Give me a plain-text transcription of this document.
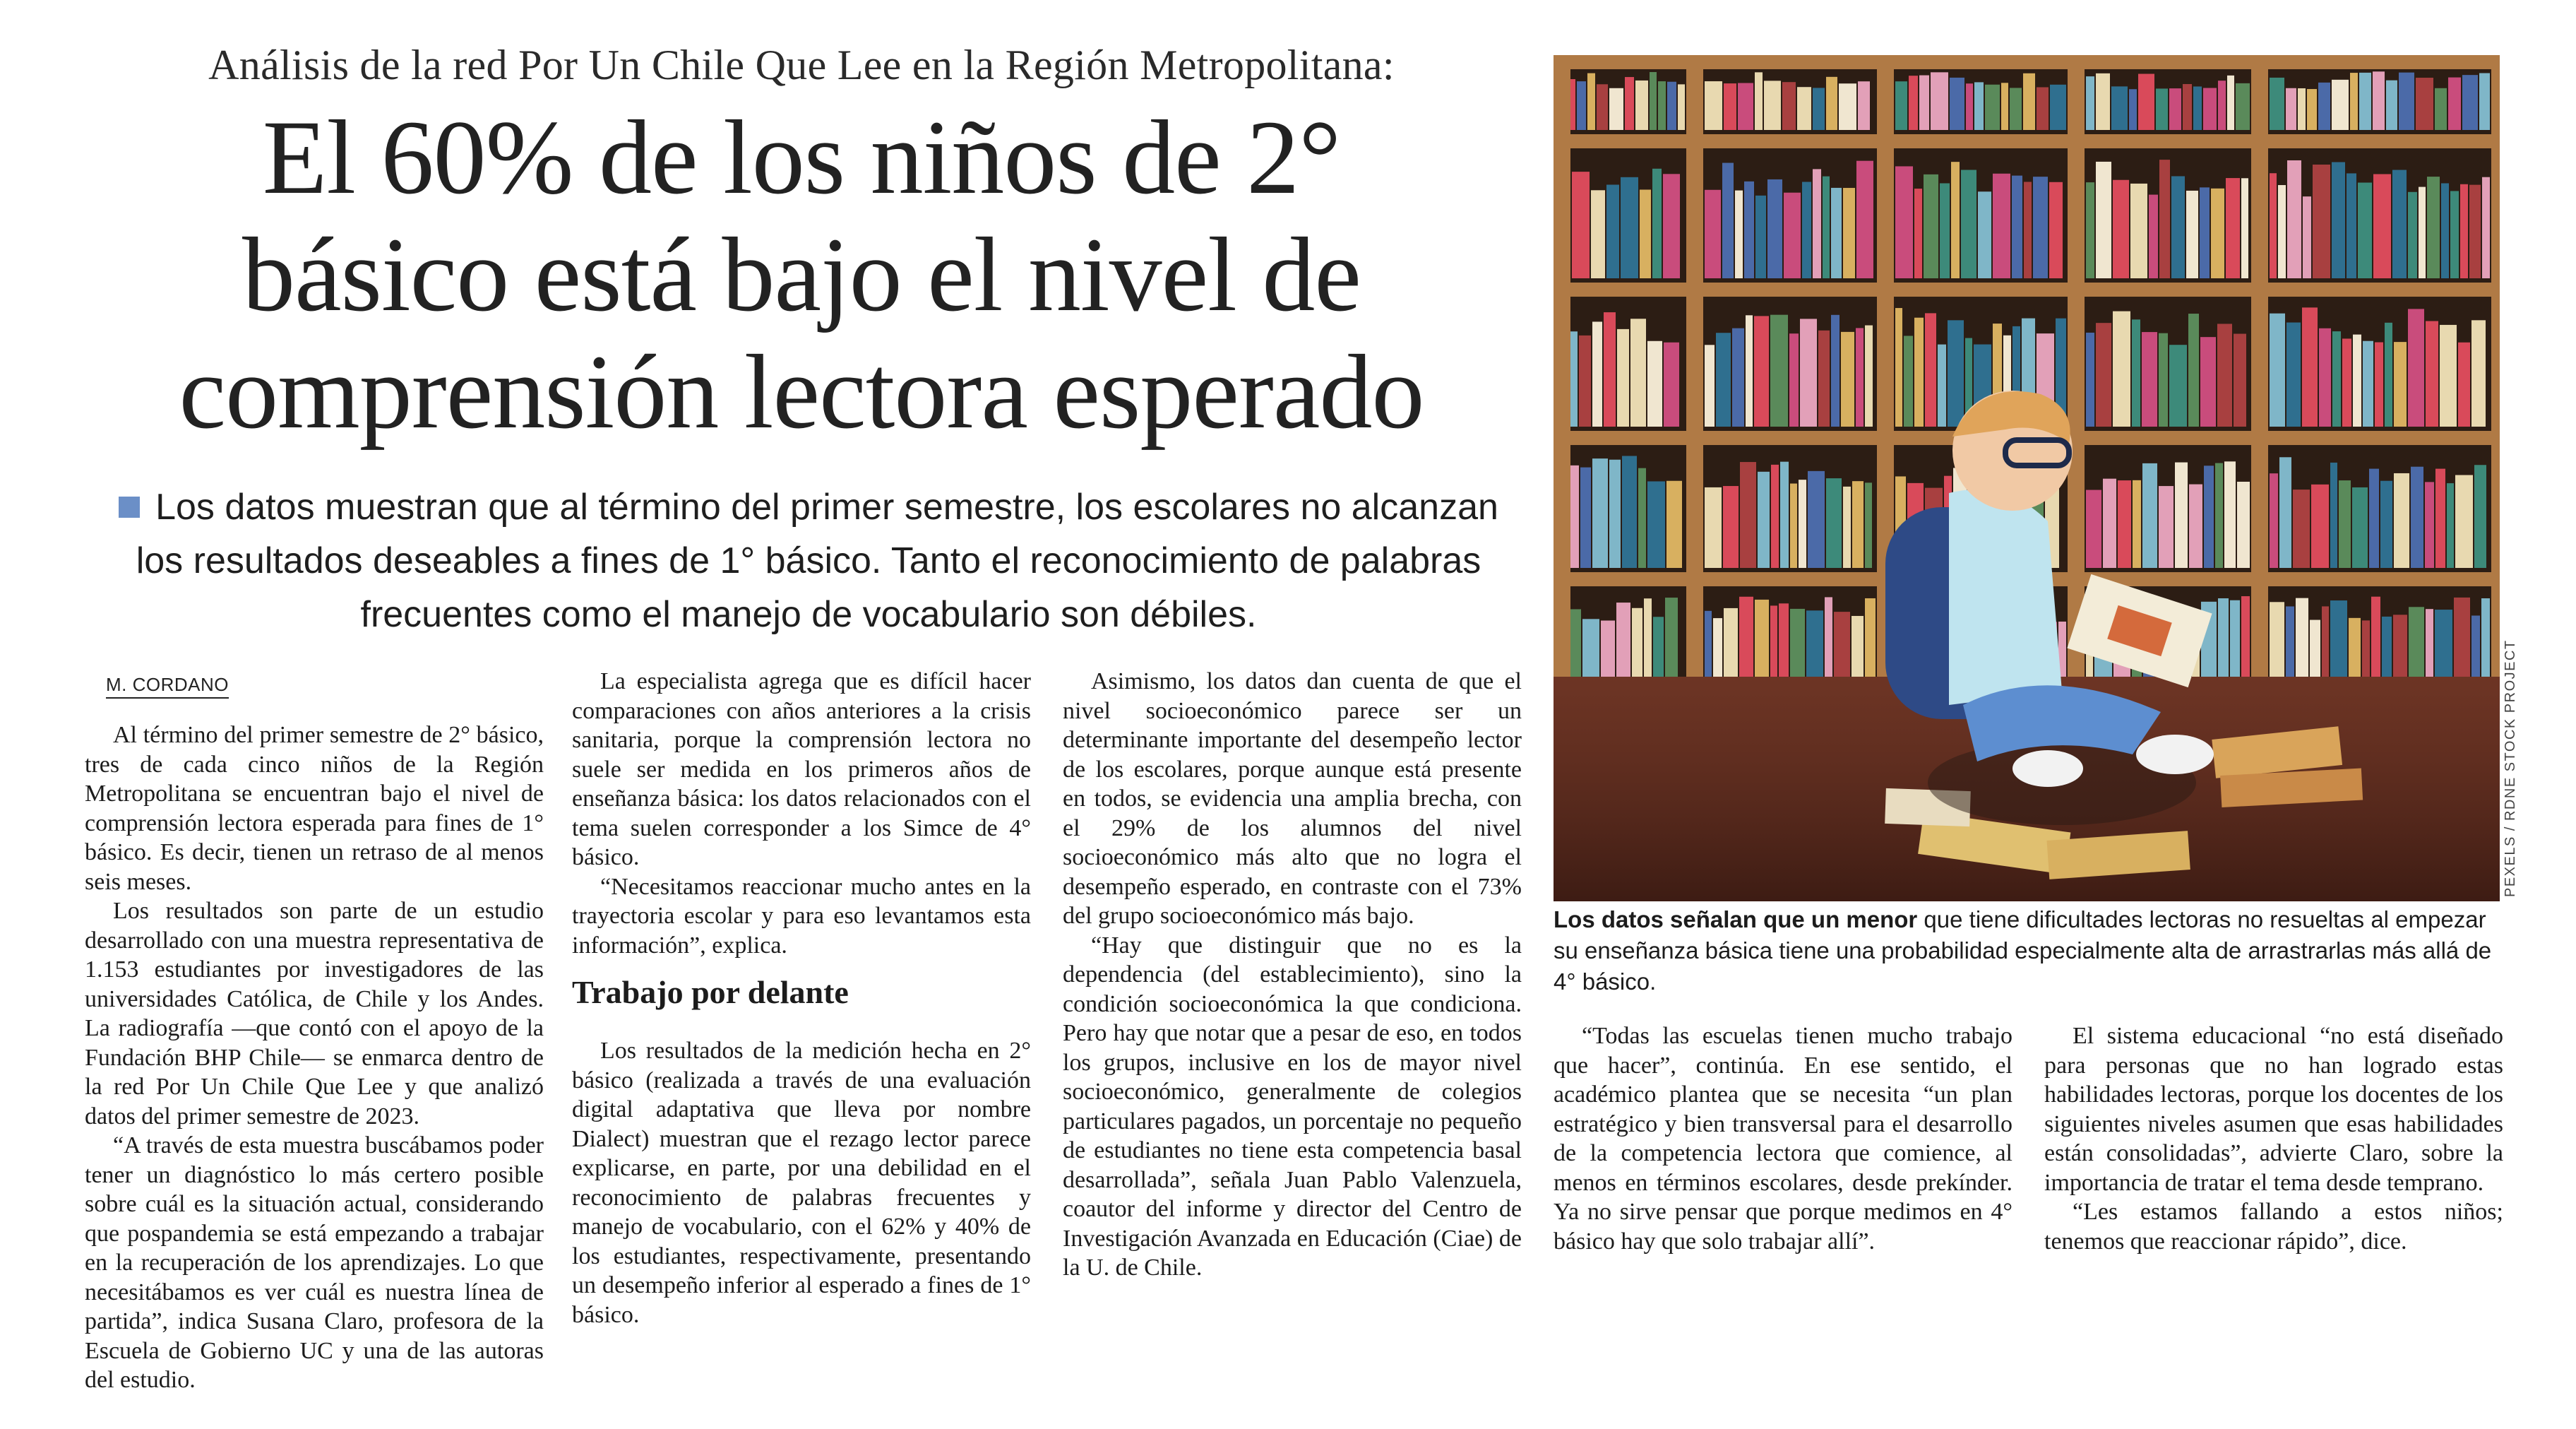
Análisis de la red Por Un Chile Que Lee en la Región Metropolitana:
El 60% de los niños de 2°
básico está bajo el nivel de
comprensión lectora esperado
Los datos muestran que al término del primer semestre, los escolares no alcanzan los resultados deseables a fines de 1° básico. Tanto el reconocimiento de palabras frecuentes como el manejo de vocabulario son débiles.
M. CORDANO

Al término del primer semestre de 2° básico, tres de cada cinco niños de la Región Metropolitana se encuentran bajo el nivel de comprensión lectora esperada para fines de 1° básico. Es decir, tienen un retraso de al menos seis meses.

Los resultados son parte de un estudio desarrollado con una muestra representativa de 1.153 estudiantes por investigadores de las universidades Católica, de Chile y los Andes. La radiografía —que contó con el apoyo de la Fundación BHP Chile— se enmarca dentro de la red Por Un Chile Que Lee y que analizó datos del primer semestre de 2023.

“A través de esta muestra buscábamos poder tener un diagnóstico lo más certero posible sobre cuál es la situación actual, considerando que pospandemia se está empezando a trabajar en la recuperación de los aprendizajes. Lo que necesitábamos es ver cuál es nuestra línea de partida”, indica Susana Claro, profesora de la Escuela de Gobierno UC y una de las autoras del estudio.

La especialista agrega que es difícil hacer comparaciones con años anteriores a la crisis sanitaria, porque la comprensión lectora no suele ser medida en los primeros años de enseñanza básica: los datos relacionados con el tema suelen corresponder a los Simce de 4° básico.

“Necesitamos reaccionar mucho antes en la trayectoria escolar y para eso levantamos esta información”, explica.

Trabajo por delante

Los resultados de la medición hecha en 2° básico (realizada a través de una evaluación digital adaptativa que lleva por nombre Dialect) muestran que el rezago lector parece explicarse, en parte, por una debilidad en el reconocimiento de palabras frecuentes y manejo de vocabulario, con el 62% y 40% de los estudiantes, respectivamente, presentando un desempeño inferior al esperado a fines de 1° básico.

Asimismo, los datos dan cuenta de que el nivel socioeconómico parece ser un determinante importante del desempeño lector de los escolares, porque aunque está presente en todos, se evidencia una amplia brecha, con el 29% de los alumnos del nivel socioeconómico más alto que no logra el desempeño esperado, en contraste con el 73% del grupo socioeconómico más bajo.

“Hay que distinguir que no es la dependencia (del establecimiento), sino la condición socioeconómica la que condiciona. Pero hay que notar que a pesar de eso, en todos los grupos, inclusive en los de mayor nivel socioeconómico, generalmente de colegios particulares pagados, un porcentaje no pequeño de estudiantes no tiene esta competencia basal desarrollada”, señala Juan Pablo Valenzuela, coautor del informe y director del Centro de Investigación Avanzada en Educación (Ciae) de la U. de Chile.

“Todas las escuelas tienen mucho trabajo que hacer”, continúa. En ese sentido, el académico plantea que se necesita “un plan estratégico y bien transversal para el desarrollo de la competencia lectora que comience, al menos en términos escolares, desde prekínder. Ya no sirve pensar que porque medimos en 4° básico hay que solo trabajar allí”.

El sistema educacional “no está diseñado para personas que no han logrado estas habilidades lectoras, porque los docentes de los siguientes niveles asumen que esas habilidades están consolidadas”, advierte Claro, sobre la importancia de tratar el tema desde temprano.

“Les estamos fallando a estos niños; tenemos que reaccionar rápido”, dice.

PEXELS / RDNE STOCK PROJECT
Los datos señalan que un menor que tiene dificultades lectoras no resueltas al empezar su enseñanza básica tiene una probabilidad especialmente alta de arrastrarlas más allá de 4° básico.
